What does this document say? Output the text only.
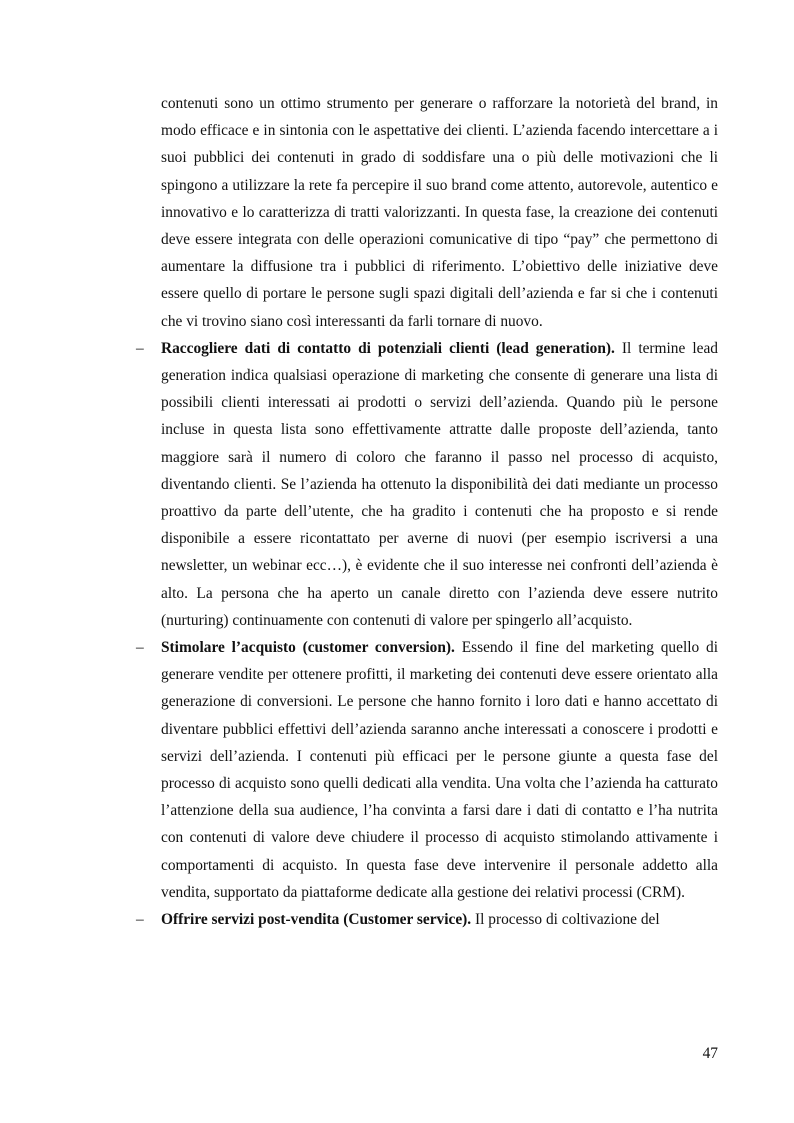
contenuti sono un ottimo strumento per generare o rafforzare la notorietà del brand, in modo efficace e in sintonia con le aspettative dei clienti. L’azienda facendo intercettare a i suoi pubblici dei contenuti in grado di soddisfare una o più delle motivazioni che li spingono a utilizzare la rete fa percepire il suo brand come attento, autorevole, autentico e innovativo e lo caratterizza di tratti valorizzanti. In questa fase, la creazione dei contenuti deve essere integrata con delle operazioni comunicative di tipo “pay” che permettono di aumentare la diffusione tra i pubblici di riferimento. L’obiettivo delle iniziative deve essere quello di portare le persone sugli spazi digitali dell’azienda e far si che i contenuti che vi trovino siano così interessanti da farli tornare di nuovo.

– Raccogliere dati di contatto di potenziali clienti (lead generation). Il termine lead generation indica qualsiasi operazione di marketing che consente di generare una lista di possibili clienti interessati ai prodotti o servizi dell’azienda. Quando più le persone incluse in questa lista sono effettivamente attratte dalle proposte dell’azienda, tanto maggiore sarà il numero di coloro che faranno il passo nel processo di acquisto, diventando clienti. Se l’azienda ha ottenuto la disponibilità dei dati mediante un processo proattivo da parte dell’utente, che ha gradito i contenuti che ha proposto e si rende disponibile a essere ricontattato per averne di nuovi (per esempio iscriversi a una newsletter, un webinar ecc…), è evidente che il suo interesse nei confronti dell’azienda è alto. La persona che ha aperto un canale diretto con l’azienda deve essere nutrito (nurturing) continuamente con contenuti di valore per spingerlo all’acquisto.

– Stimolare l’acquisto (customer conversion). Essendo il fine del marketing quello di generare vendite per ottenere profitti, il marketing dei contenuti deve essere orientato alla generazione di conversioni. Le persone che hanno fornito i loro dati e hanno accettato di diventare pubblici effettivi dell’azienda saranno anche interessati a conoscere i prodotti e servizi dell’azienda. I contenuti più efficaci per le persone giunte a questa fase del processo di acquisto sono quelli dedicati alla vendita. Una volta che l’azienda ha catturato l’attenzione della sua audience, l’ha convinta a farsi dare i dati di contatto e l’ha nutrita con contenuti di valore deve chiudere il processo di acquisto stimolando attivamente i comportamenti di acquisto. In questa fase deve intervenire il personale addetto alla vendita, supportato da piattaforme dedicate alla gestione dei relativi processi (CRM).

– Offrire servizi post-vendita (Customer service). Il processo di coltivazione del

47
